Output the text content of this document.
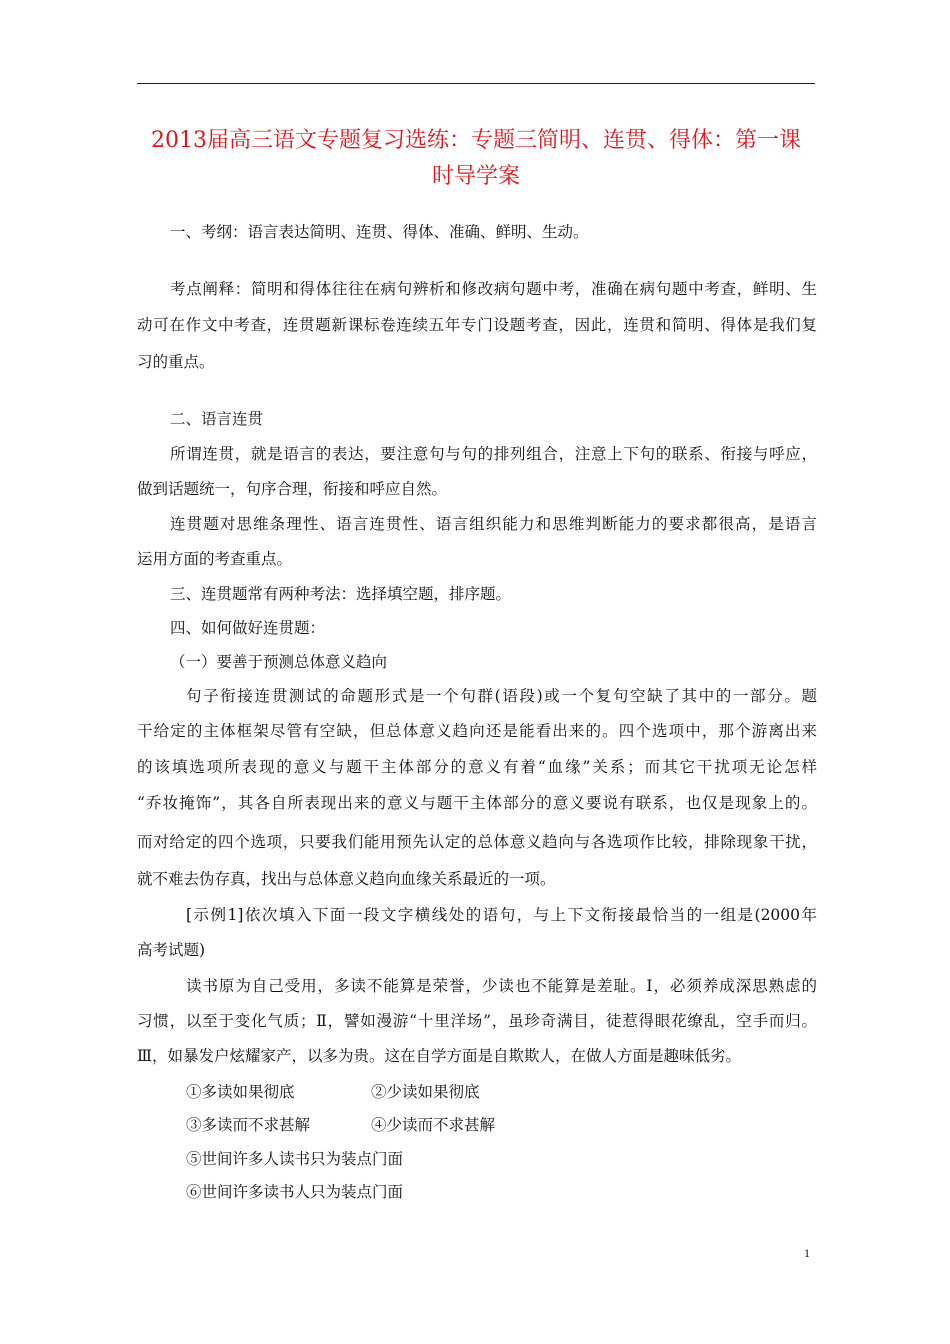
2013届高三语文专题复习选练：专题三简明、连贯、得体：第一课
时导学案
一、考纲：语言表达简明、连贯、得体、准确、鲜明、生动。
考点阐释：简明和得体往往在病句辨析和修改病句题中考，准确在病句题中考查，鲜明、生
动可在作文中考查，连贯题新课标卷连续五年专门设题考查，因此，连贯和简明、得体是我们复
习的重点。
二、语言连贯
所谓连贯，就是语言的表达，要注意句与句的排列组合，注意上下句的联系、衔接与呼应，
做到话题统一，句序合理，衔接和呼应自然。
连贯题对思维条理性、语言连贯性、语言组织能力和思维判断能力的要求都很高，是语言
运用方面的考查重点。
三、连贯题常有两种考法：选择填空题，排序题。
四、如何做好连贯题：
（一）要善于预测总体意义趋向
句子衔接连贯测试的命题形式是一个句群(语段)或一个复句空缺了其中的一部分。题
干给定的主体框架尽管有空缺，但总体意义趋向还是能看出来的。四个选项中，那个游离出来
的该填选项所表现的意义与题干主体部分的意义有着“血缘”关系；而其它干扰项无论怎样
“乔妆掩饰”，其各自所表现出来的意义与题干主体部分的意义要说有联系，也仅是现象上的。
而对给定的四个选项，只要我们能用预先认定的总体意义趋向与各选项作比较，排除现象干扰，
就不难去伪存真，找出与总体意义趋向血缘关系最近的一项。
[示例1]依次填入下面一段文字横线处的语句，与上下文衔接最恰当的一组是(2000年
高考试题)
读书原为自己受用，多读不能算是荣誉，少读也不能算是差耻。Ⅰ，必须养成深思熟虑的
习惯，以至于变化气质；Ⅱ，譬如漫游“十里洋场”，虽珍奇满目，徒惹得眼花缭乱，空手而归。
Ⅲ，如暴发户炫耀家产，以多为贵。这在自学方面是自欺欺人，在做人方面是趣味低劣。
①多读如果彻底	②少读如果彻底
③多读而不求甚解	④少读而不求甚解
⑤世间许多人读书只为装点门面
⑥世间许多读书人只为装点门面
1
